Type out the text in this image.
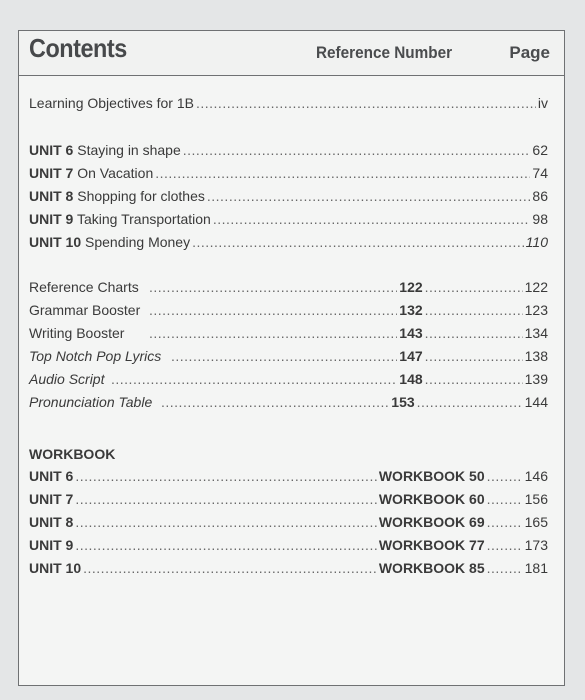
Contents	Reference Number	Page
Learning Objectives for 1B .....	iv
UNIT 6 Staying in shape .....	62
UNIT 7 On Vacation .....	74
UNIT 8 Shopping for clothes .....	86
UNIT 9 Taking Transportation .....	98
UNIT 10 Spending Money .....	110
Reference Charts .....	122 .....	122
Grammar Booster .....	132 .....	123
Writing Booster .....	143 .....	134
Top Notch Pop Lyrics .....	147 .....	138
Audio Script .....	148 .....	139
Pronunciation Table .....	153 .....	144
WORKBOOK
UNIT 6 .....	WORKBOOK 50 .....	146
UNIT 7 .....	WORKBOOK 60 .....	156
UNIT 8 .....	WORKBOOK 69 .....	165
UNIT 9 .....	WORKBOOK 77 .....	173
UNIT 10 .....	WORKBOOK 85 .....	181
